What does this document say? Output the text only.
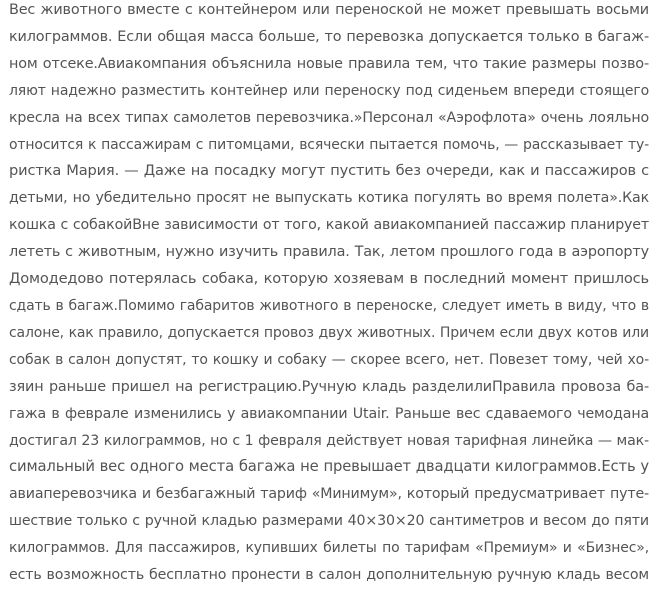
Вес животного вместе с контейнером или переноской не может превышать восьми
килограммов. Если общая масса больше, то перевозка допускается только в багаж-
ном отсеке.Авиакомпания объяснила новые правила тем, что такие размеры позво-
ляют надежно разместить контейнер или переноску под сиденьем впереди стоящего
кресла на всех типах самолетов перевозчика.»Персонал «Аэрофлота» очень лояльно
относится к пассажирам с питомцами, всячески пытается помочь, — рассказывает ту-
ристка Мария. — Даже на посадку могут пустить без очереди, как и пассажиров с
детьми, но убедительно просят не выпускать котика погулять во время полета».Как
кошка с собакойВне зависимости от того, какой авиакомпанией пассажир планирует
лететь с животным, нужно изучить правила. Так, летом прошлого года в аэропорту
Домодедово потерялась собака, которую хозяевам в последний момент пришлось
сдать в багаж.Помимо габаритов животного в переноске, следует иметь в виду, что в
салоне, как правило, допускается провоз двух животных. Причем если двух котов или
собак в салон допустят, то кошку и собаку — скорее всего, нет. Повезет тому, чей хо-
зяин раньше пришел на регистрацию.Ручную кладь разделилиПравила провоза ба-
гажа в феврале изменились у авиакомпании Utair. Раньше вес сдаваемого чемодана
достигал 23 килограммов, но с 1 февраля действует новая тарифная линейка — мак-
симальный вес одного места багажа не превышает двадцати килограммов.Есть у
авиаперевозчика и безбагажный тариф «Минимум», который предусматривает путе-
шествие только с ручной кладью размерами 40×30×20 сантиметров и весом до пяти
килограммов. Для пассажиров, купивших билеты по тарифам «Премиум» и «Бизнес»,
есть возможность бесплатно пронести в салон дополнительную ручную кладь весом
